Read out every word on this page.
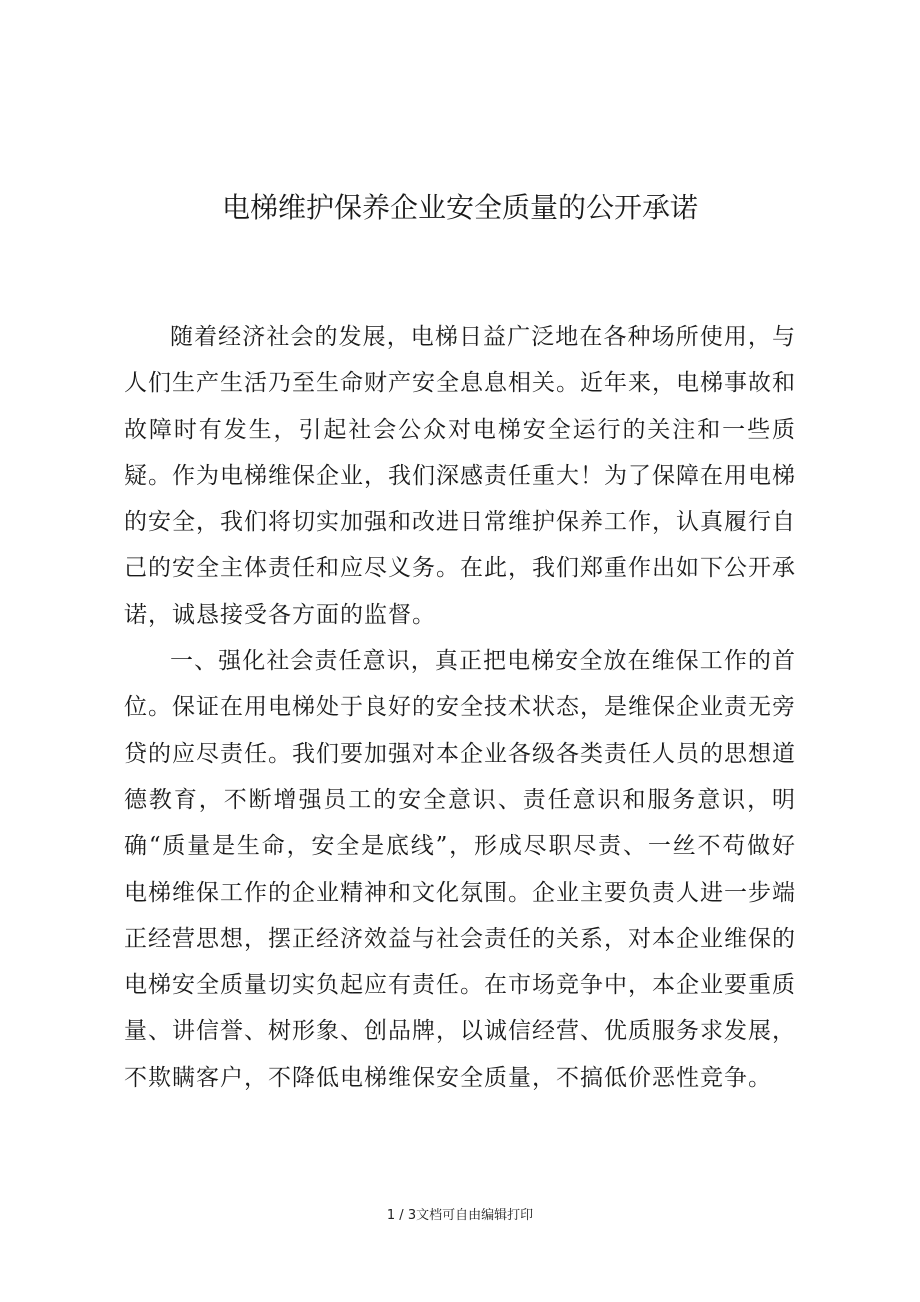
电梯维护保养企业安全质量的公开承诺

随着经济社会的发展，电梯日益广泛地在各种场所使用，与人们生产生活乃至生命财产安全息息相关。近年来，电梯事故和故障时有发生，引起社会公众对电梯安全运行的关注和一些质疑。作为电梯维保企业，我们深感责任重大！为了保障在用电梯的安全，我们将切实加强和改进日常维护保养工作，认真履行自己的安全主体责任和应尽义务。在此，我们郑重作出如下公开承诺，诚恳接受各方面的监督。

一、强化社会责任意识，真正把电梯安全放在维保工作的首位。保证在用电梯处于良好的安全技术状态，是维保企业责无旁贷的应尽责任。我们要加强对本企业各级各类责任人员的思想道德教育，不断增强员工的安全意识、责任意识和服务意识，明确“质量是生命，安全是底线”，形成尽职尽责、一丝不苟做好电梯维保工作的企业精神和文化氛围。企业主要负责人进一步端正经营思想，摆正经济效益与社会责任的关系，对本企业维保的电梯安全质量切实负起应有责任。在市场竞争中，本企业要重质量、讲信誉、树形象、创品牌，以诚信经营、优质服务求发展，不欺瞒客户，不降低电梯维保安全质量，不搞低价恶性竞争。

1 / 3文档可自由编辑打印
